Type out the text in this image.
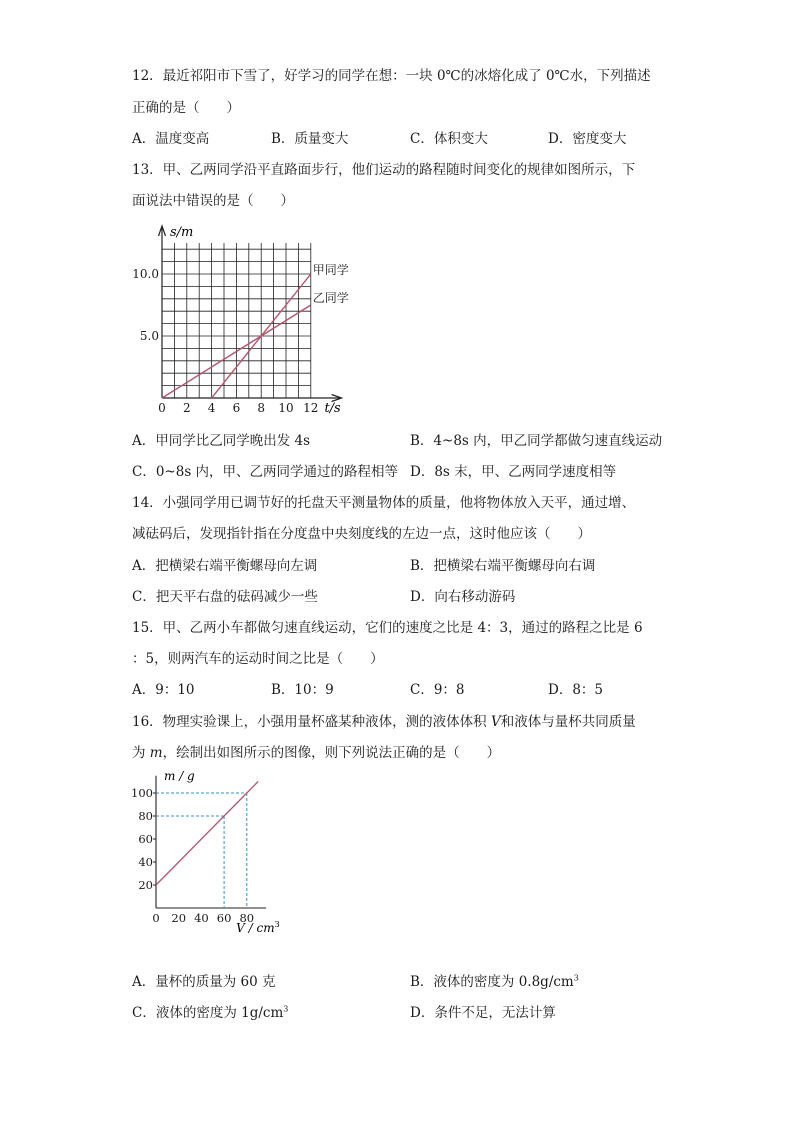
12．最近祁阳市下雪了，好学习的同学在想：一块 0℃的冰熔化成了 0℃水，下列描述
正确的是（　　）
A．温度变高	B．质量变大	C．体积变大	D．密度变大
13．甲、乙两同学沿平直路面步行，他们运动的路程随时间变化的规律如图所示，下
面说法中错误的是（　　）
0 2 4 6 8 10 12
5.0
10.0	甲同学
乙同学
s/m
t/s
A．甲同学比乙同学晚出发 4s	B．4~8s 内，甲乙同学都做匀速直线运动
C．0~8s 内，甲、乙两同学通过的路程相等 D．8s 末，甲、乙两同学速度相等
14．小强同学用已调节好的托盘天平测量物体的质量，他将物体放入天平，通过增、
减砝码后，发现指针指在分度盘中央刻度线的左边一点，这时他应该（　　）
A．把横梁右端平衡螺母向左调	B．把横梁右端平衡螺母向右调
C．把天平右盘的砝码减少一些	D．向右移动游码
15．甲、乙两小车都做匀速直线运动，它们的速度之比是 4：3，通过的路程之比是 6
：5，则两汽车的运动时间之比是（　　）
A．9：10	B．10：9	C．9：8	D．8：5
16．物理实验课上，小强用量杯盛某种液体，测的液体体积 V和液体与量杯共同质量
为 m，绘制出如图所示的图像，则下列说法正确的是（　　）
20
40
60
80
100
0 20 40 60 80
m / g
V / $cm^3$
A．量杯的质量为 60 克	B．液体的密度为 $0.8g/cm^3$
C．液体的密度为 $1g/cm^3$	D．条件不足，无法计算
